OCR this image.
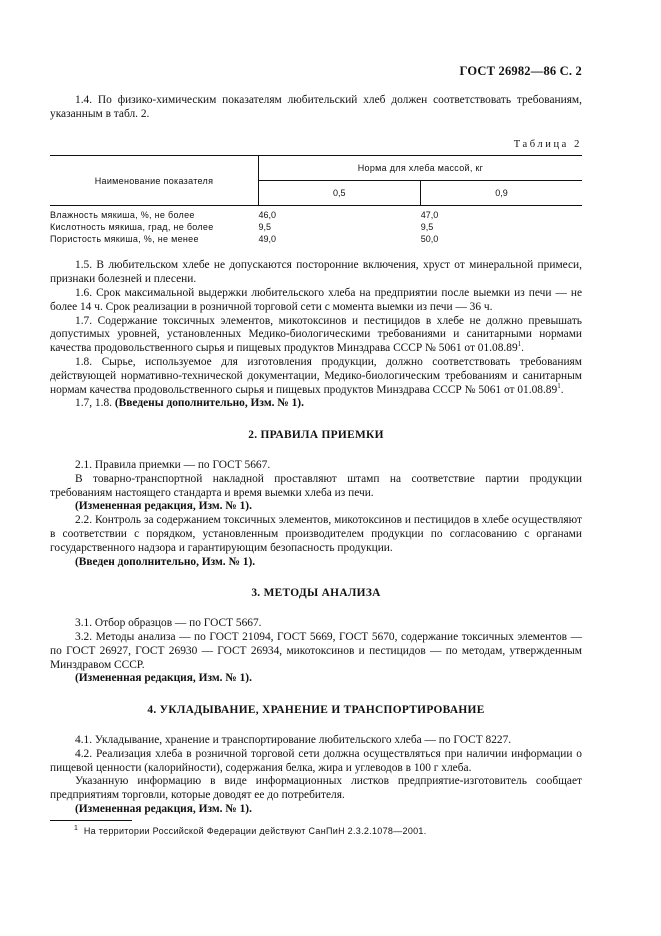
ГОСТ 26982—86 С. 2

1.4. По физико-химическим показателям любительский хлеб должен соответствовать требованиям, указанным в табл. 2.

Таблица 2
Наименование показателя	Норма для хлеба массой, кг	
	0,5	0,9
Влажность мякиша, %, не более	46,0	47,0
Кислотность мякиша, град, не более	9,5	9,5
Пористость мякиша, %, не менее	49,0	50,0

1.5. В любительском хлебе не допускаются посторонние включения, хруст от минеральной примеси, признаки болезней и плесени.

1.6. Срок максимальной выдержки любительского хлеба на предприятии после выемки из печи — не более 14 ч. Срок реализации в розничной торговой сети с момента выемки из печи — 36 ч.

1.7. Содержание токсичных элементов, микотоксинов и пестицидов в хлебе не должно превышать допустимых уровней, установленных Медико-биологическими требованиями и санитарными нормами качества продовольственного сырья и пищевых продуктов Минздрава СССР № 5061 от 01.08.89$^1$.

1.8. Сырье, используемое для изготовления продукции, должно соответствовать требованиям действующей нормативно-технической документации, Медико-биологическим требованиям и санитарным нормам качества продовольственного сырья и пищевых продуктов Минздрава СССР № 5061 от 01.08.89$^1$.

1.7, 1.8. (Введены дополнительно, Изм. № 1).

2. ПРАВИЛА ПРИЕМКИ

2.1. Правила приемки — по ГОСТ 5667.

В товарно-транспортной накладной проставляют штамп на соответствие партии продукции требованиям настоящего стандарта и время выемки хлеба из печи.

(Измененная редакция, Изм. № 1).

2.2. Контроль за содержанием токсичных элементов, микотоксинов и пестицидов в хлебе осуществляют в соответствии с порядком, установленным производителем продукции по согласованию с органами государственного надзора и гарантирующим безопасность продукции.

(Введен дополнительно, Изм. № 1).

3. МЕТОДЫ АНАЛИЗА

3.1. Отбор образцов — по ГОСТ 5667.

3.2. Методы анализа — по ГОСТ 21094, ГОСТ 5669, ГОСТ 5670, содержание токсичных элементов — по ГОСТ 26927, ГОСТ 26930 — ГОСТ 26934, микотоксинов и пестицидов — по методам, утвержденным Минздравом СССР.

(Измененная редакция, Изм. № 1).

4. УКЛАДЫВАНИЕ, ХРАНЕНИЕ И ТРАНСПОРТИРОВАНИЕ

4.1. Укладывание, хранение и транспортирование любительского хлеба — по ГОСТ 8227.

4.2. Реализация хлеба в розничной торговой сети должна осуществляться при наличии информации о пищевой ценности (калорийности), содержания белка, жира и углеводов в 100 г хлеба.

Указанную информацию в виде информационных листков предприятие-изготовитель сообщает предприятиям торговли, которые доводят ее до потребителя.

(Измененная редакция, Изм. № 1).

$^1$ На территории Российской Федерации действуют СанПиН 2.3.2.1078—2001.
